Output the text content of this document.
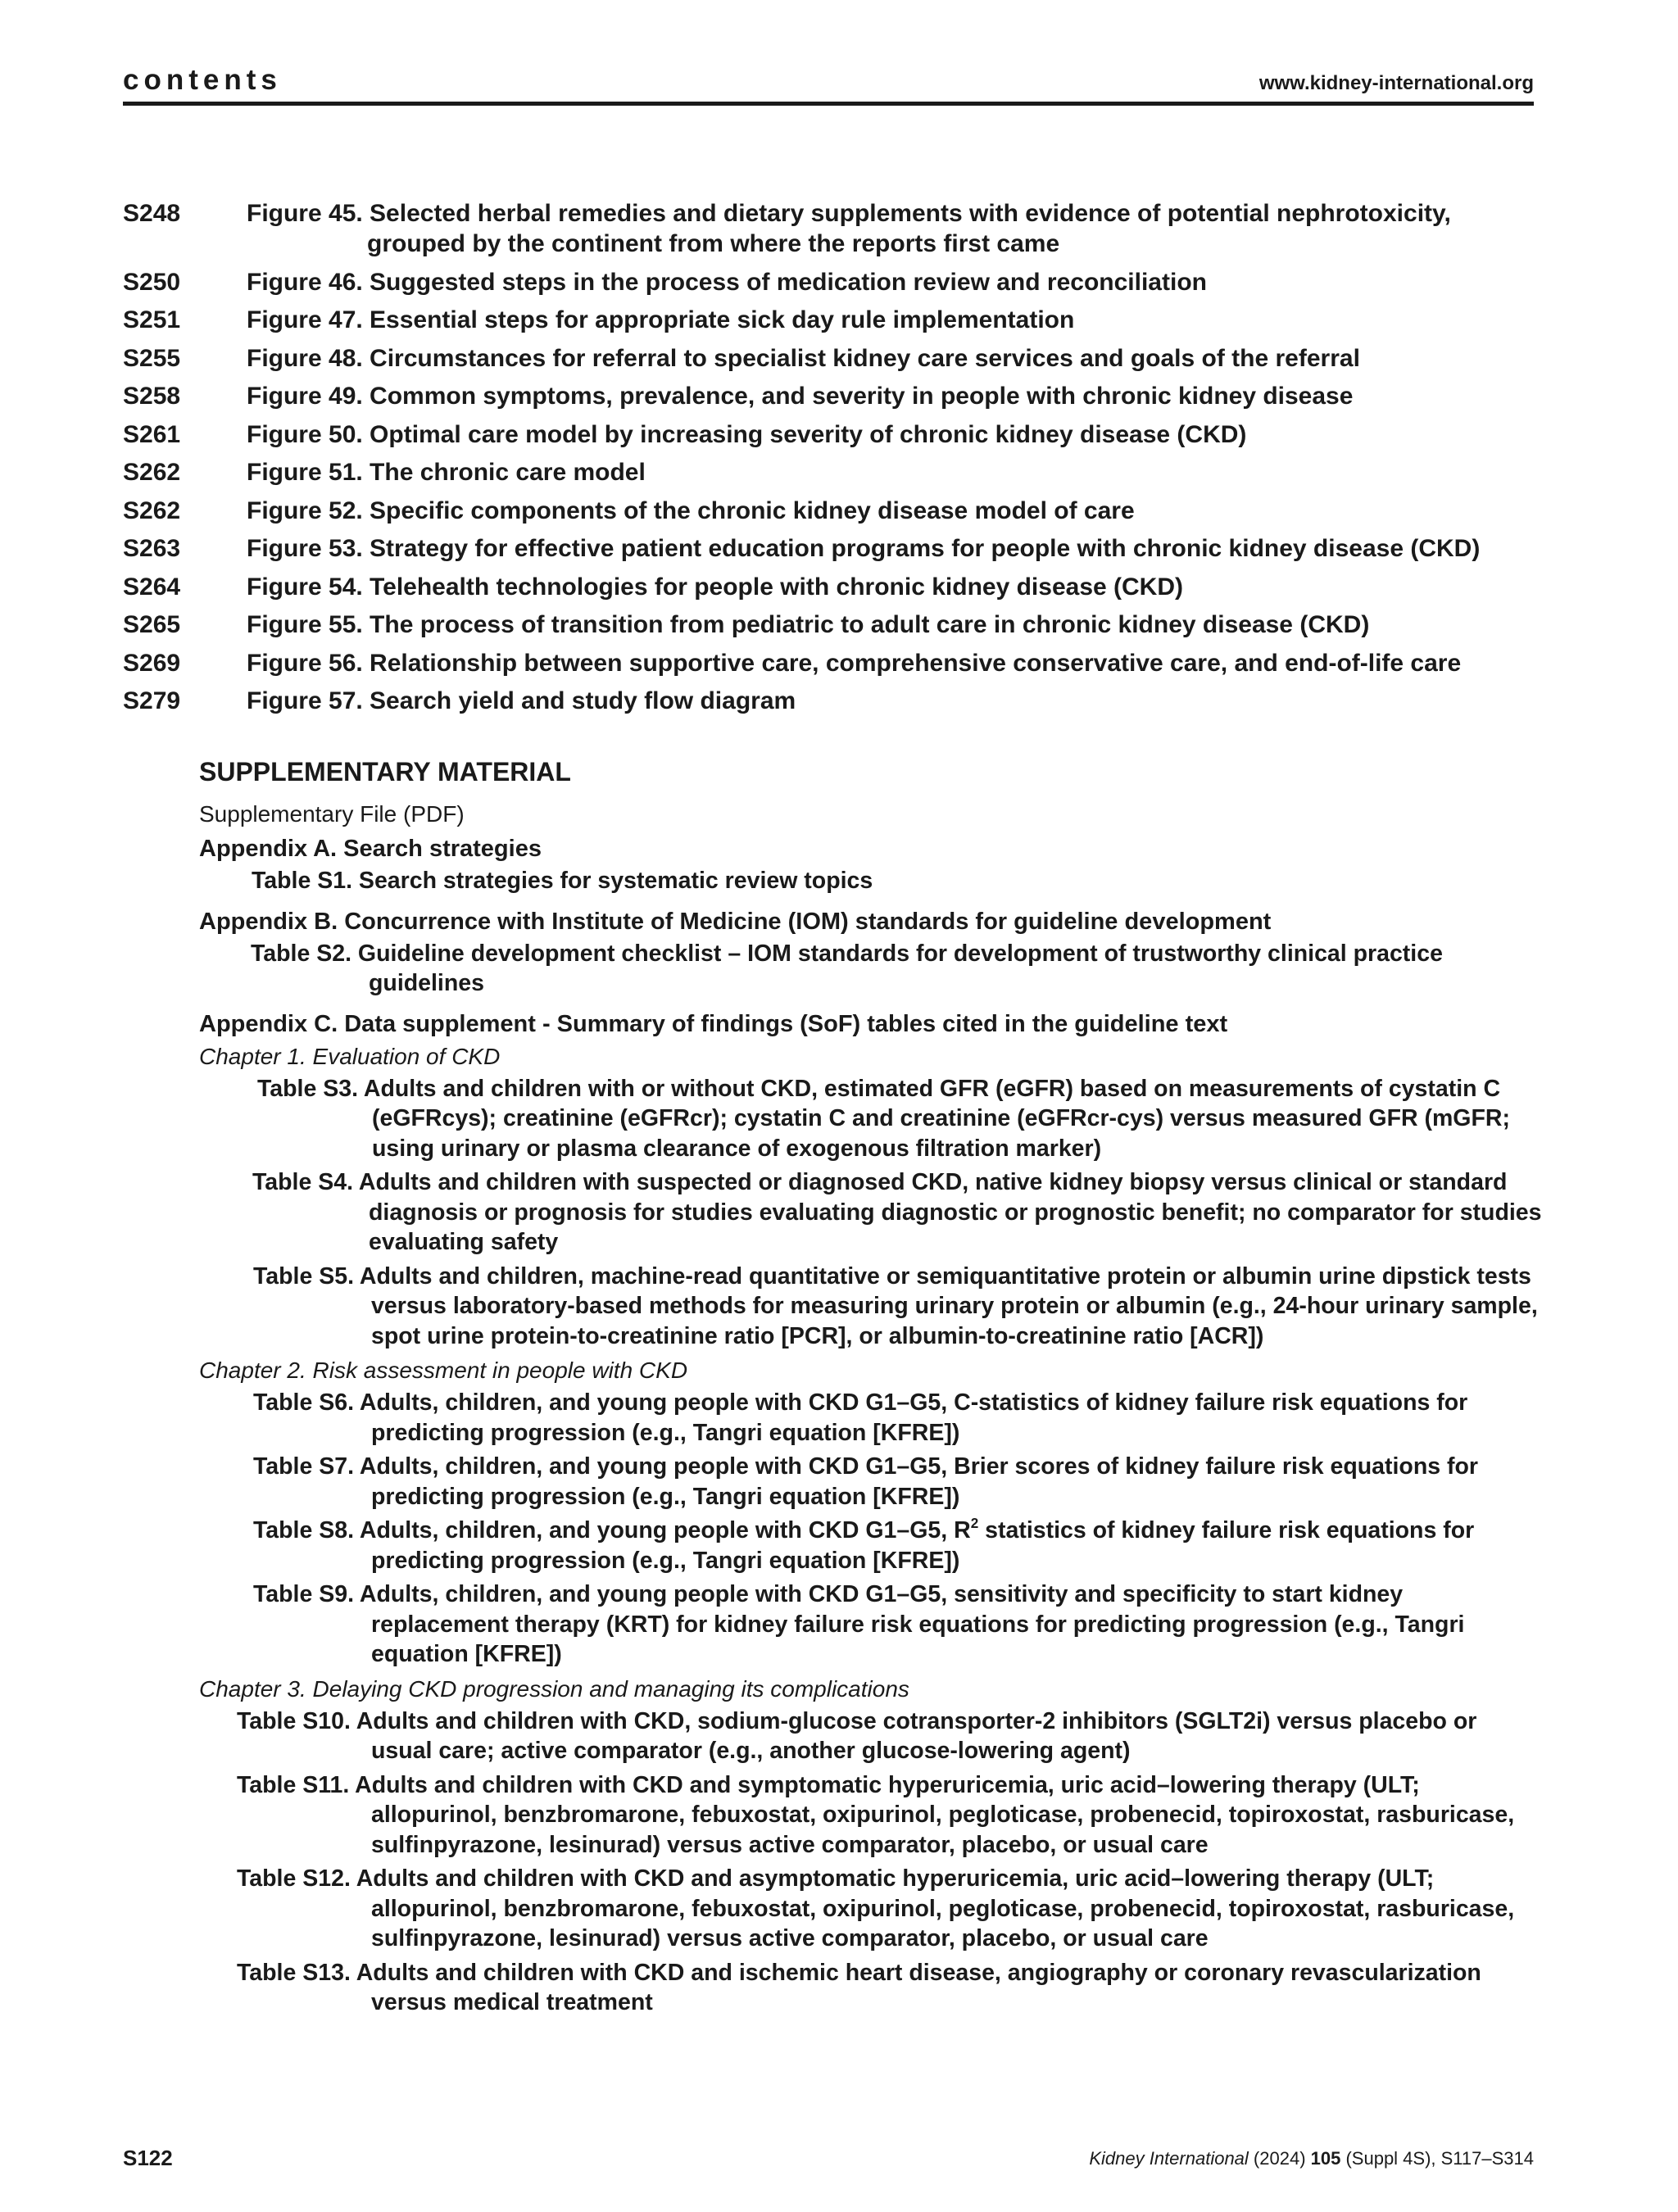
contents	www.kidney-international.org
S248	Figure 45. Selected herbal remedies and dietary supplements with evidence of potential nephrotoxicity, grouped by the continent from where the reports first came
S250	Figure 46. Suggested steps in the process of medication review and reconciliation
S251	Figure 47. Essential steps for appropriate sick day rule implementation
S255	Figure 48. Circumstances for referral to specialist kidney care services and goals of the referral
S258	Figure 49. Common symptoms, prevalence, and severity in people with chronic kidney disease
S261	Figure 50. Optimal care model by increasing severity of chronic kidney disease (CKD)
S262	Figure 51. The chronic care model
S262	Figure 52. Specific components of the chronic kidney disease model of care
S263	Figure 53. Strategy for effective patient education programs for people with chronic kidney disease (CKD)
S264	Figure 54. Telehealth technologies for people with chronic kidney disease (CKD)
S265	Figure 55. The process of transition from pediatric to adult care in chronic kidney disease (CKD)
S269	Figure 56. Relationship between supportive care, comprehensive conservative care, and end-of-life care
S279	Figure 57. Search yield and study flow diagram
SUPPLEMENTARY MATERIAL
Supplementary File (PDF)
Appendix A. Search strategies
Table S1. Search strategies for systematic review topics
Appendix B. Concurrence with Institute of Medicine (IOM) standards for guideline development
Table S2. Guideline development checklist – IOM standards for development of trustworthy clinical practice guidelines
Appendix C. Data supplement - Summary of findings (SoF) tables cited in the guideline text
Chapter 1. Evaluation of CKD
Table S3. Adults and children with or without CKD, estimated GFR (eGFR) based on measurements of cystatin C (eGFRcys); creatinine (eGFRcr); cystatin C and creatinine (eGFRcr-cys) versus measured GFR (mGFR; using urinary or plasma clearance of exogenous filtration marker)
Table S4. Adults and children with suspected or diagnosed CKD, native kidney biopsy versus clinical or standard diagnosis or prognosis for studies evaluating diagnostic or prognostic benefit; no comparator for studies evaluating safety
Table S5. Adults and children, machine-read quantitative or semiquantitative protein or albumin urine dipstick tests versus laboratory-based methods for measuring urinary protein or albumin (e.g., 24-hour urinary sample, spot urine protein-to-creatinine ratio [PCR], or albumin-to-creatinine ratio [ACR])
Chapter 2. Risk assessment in people with CKD
Table S6. Adults, children, and young people with CKD G1–G5, C-statistics of kidney failure risk equations for predicting progression (e.g., Tangri equation [KFRE])
Table S7. Adults, children, and young people with CKD G1–G5, Brier scores of kidney failure risk equations for predicting progression (e.g., Tangri equation [KFRE])
Table S8. Adults, children, and young people with CKD G1–G5, $R^2$ statistics of kidney failure risk equations for predicting progression (e.g., Tangri equation [KFRE])
Table S9. Adults, children, and young people with CKD G1–G5, sensitivity and specificity to start kidney replacement therapy (KRT) for kidney failure risk equations for predicting progression (e.g., Tangri equation [KFRE])
Chapter 3. Delaying CKD progression and managing its complications
Table S10. Adults and children with CKD, sodium-glucose cotransporter-2 inhibitors (SGLT2i) versus placebo or usual care; active comparator (e.g., another glucose-lowering agent)
Table S11. Adults and children with CKD and symptomatic hyperuricemia, uric acid–lowering therapy (ULT; allopurinol, benzbromarone, febuxostat, oxipurinol, pegloticase, probenecid, topiroxostat, rasburicase, sulfinpyrazone, lesinurad) versus active comparator, placebo, or usual care
Table S12. Adults and children with CKD and asymptomatic hyperuricemia, uric acid–lowering therapy (ULT; allopurinol, benzbromarone, febuxostat, oxipurinol, pegloticase, probenecid, topiroxostat, rasburicase, sulfinpyrazone, lesinurad) versus active comparator, placebo, or usual care
Table S13. Adults and children with CKD and ischemic heart disease, angiography or coronary revascularization versus medical treatment
S122	Kidney International (2024) 105 (Suppl 4S), S117–S314
